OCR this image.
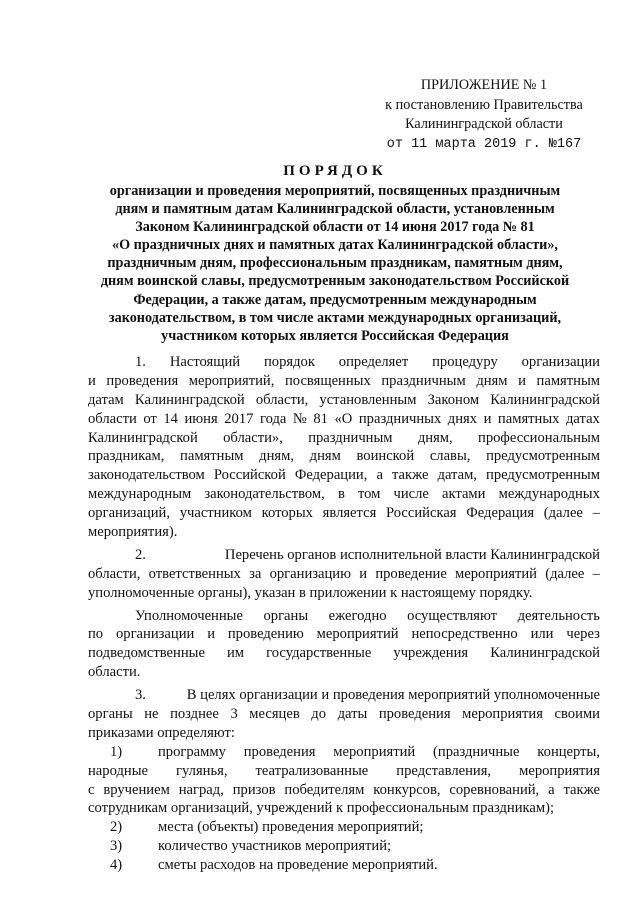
ПРИЛОЖЕНИЕ № 1
к постановлению Правительства
Калининградской области
от 11 марта 2019 г. №167
ПОРЯДОК
организации и проведения мероприятий, посвященных праздничным
дням и памятным датам Калининградской области, установленным
Законом Калининградской области от 14 июня 2017 года № 81
«О праздничных днях и памятных датах Калининградской области»,
праздничным дням, профессиональным праздникам, памятным дням,
дням воинской славы, предусмотренным законодательством Российской
Федерации, а также датам, предусмотренным международным
законодательством, в том числе актами международных организаций,
участником которых является Российская Федерация
1. Настоящий порядок определяет процедуру организации
и проведения мероприятий, посвященных праздничным дням и памятным
датам Калининградской области, установленным Законом Калининградской
области от 14 июня 2017 года № 81 «О праздничных днях и памятных датах
Калининградской области», праздничным дням, профессиональным
праздникам, памятным дням, дням воинской славы, предусмотренным
законодательством Российской Федерации, а также датам, предусмотренным
международным законодательством, в том числе актами международных
организаций, участником которых является Российская Федерация (далее –
мероприятия).
2.	Перечень органов исполнительной власти Калининградской
области, ответственных за организацию и проведение мероприятий (далее –
уполномоченные органы), указан в приложении к настоящему порядку.
Уполномоченные органы ежегодно осуществляют деятельность
по организации и проведению мероприятий непосредственно или через
подведомственные им государственные учреждения Калининградской
области.
3.	В целях организации и проведения мероприятий уполномоченные
органы не позднее 3 месяцев до даты проведения мероприятия своими
приказами определяют:
1)	программу проведения мероприятий (праздничные концерты,
народные гулянья, театрализованные представления, мероприятия
с вручением наград, призов победителям конкурсов, соревнований, а также
сотрудникам организаций, учреждений к профессиональным праздникам);
2)	места (объекты) проведения мероприятий;
3)	количество участников мероприятий;
4)	сметы расходов на проведение мероприятий.
